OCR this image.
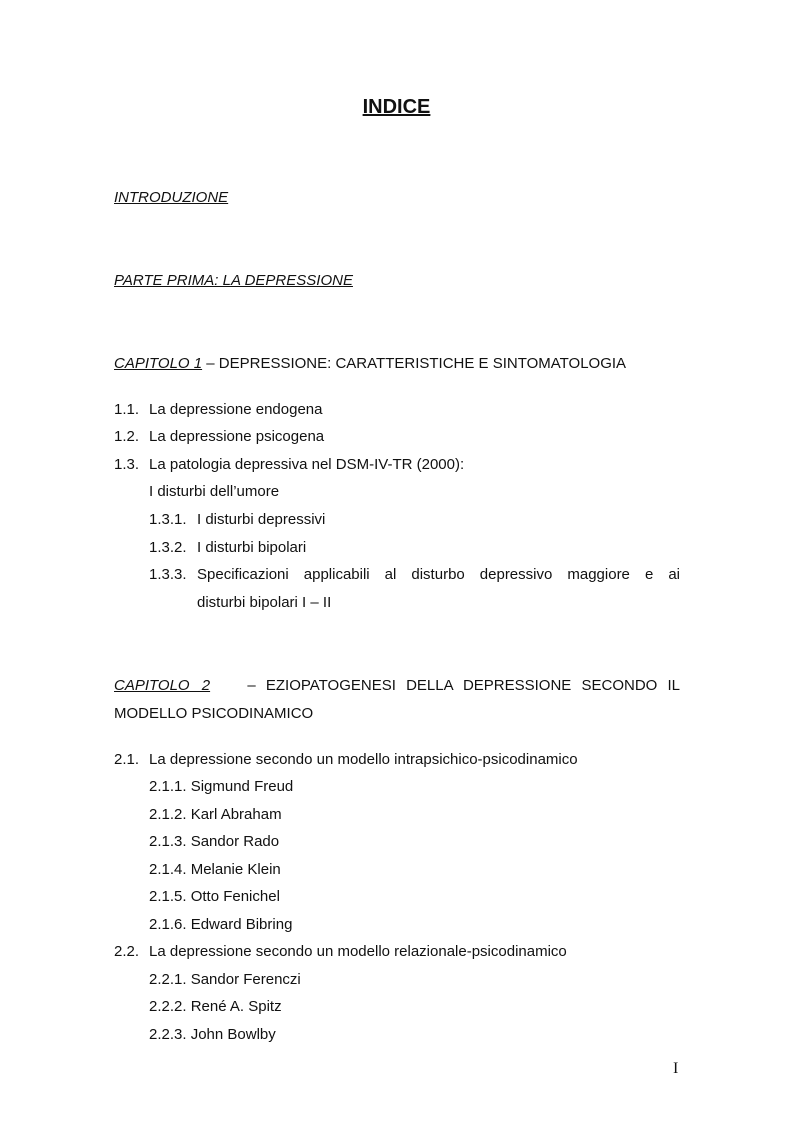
INDICE
INTRODUZIONE
PARTE PRIMA: LA DEPRESSIONE
CAPITOLO 1 – DEPRESSIONE: CARATTERISTICHE E SINTOMATOLOGIA
1.1. La depressione endogena
1.2. La depressione psicogena
1.3. La patologia depressiva nel DSM-IV-TR (2000):
I disturbi dell’umore
1.3.1. I disturbi depressivi
1.3.2. I disturbi bipolari
1.3.3. Specificazioni applicabili al disturbo depressivo maggiore e ai
disturbi bipolari I – II
CAPITOLO 2 – EZIOPATOGENESI DELLA DEPRESSIONE SECONDO IL
MODELLO PSICODINAMICO
2.1. La depressione secondo un modello intrapsichico-psicodinamico
2.1.1. Sigmund Freud
2.1.2. Karl Abraham
2.1.3. Sandor Rado
2.1.4. Melanie Klein
2.1.5. Otto Fenichel
2.1.6. Edward Bibring
2.2. La depressione secondo un modello relazionale-psicodinamico
2.2.1. Sandor Ferenczi
2.2.2. René A. Spitz
2.2.3. John Bowlby
I
